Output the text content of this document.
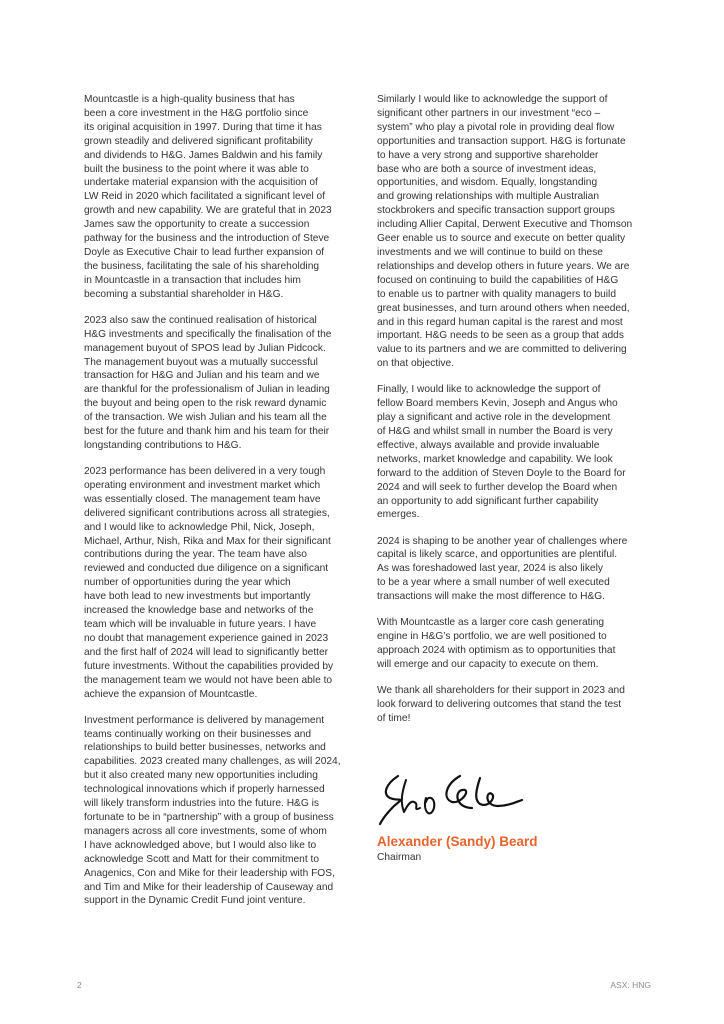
Mountcastle is a high-quality business that has
been a core investment in the H&G portfolio since
its original acquisition in 1997. During that time it has
grown steadily and delivered significant profitability
and dividends to H&G. James Baldwin and his family
built the business to the point where it was able to
undertake material expansion with the acquisition of
LW Reid in 2020 which facilitated a significant level of
growth and new capability. We are grateful that in 2023
James saw the opportunity to create a succession
pathway for the business and the introduction of Steve
Doyle as Executive Chair to lead further expansion of
the business, facilitating the sale of his shareholding
in Mountcastle in a transaction that includes him
becoming a substantial shareholder in H&G.

2023 also saw the continued realisation of historical
H&G investments and specifically the finalisation of the
management buyout of SPOS lead by Julian Pidcock.
The management buyout was a mutually successful
transaction for H&G and Julian and his team and we
are thankful for the professionalism of Julian in leading
the buyout and being open to the risk reward dynamic
of the transaction. We wish Julian and his team all the
best for the future and thank him and his team for their
longstanding contributions to H&G.

2023 performance has been delivered in a very tough
operating environment and investment market which
was essentially closed. The management team have
delivered significant contributions across all strategies,
and I would like to acknowledge Phil, Nick, Joseph,
Michael, Arthur, Nish, Rika and Max for their significant
contributions during the year. The team have also
reviewed and conducted due diligence on a significant
number of opportunities during the year which
have both lead to new investments but importantly
increased the knowledge base and networks of the
team which will be invaluable in future years. I have
no doubt that management experience gained in 2023
and the first half of 2024 will lead to significantly better
future investments. Without the capabilities provided by
the management team we would not have been able to
achieve the expansion of Mountcastle.

Investment performance is delivered by management
teams continually working on their businesses and
relationships to build better businesses, networks and
capabilities. 2023 created many challenges, as will 2024,
but it also created many new opportunities including
technological innovations which if properly harnessed
will likely transform industries into the future. H&G is
fortunate to be in “partnership” with a group of business
managers across all core investments, some of whom
I have acknowledged above, but I would also like to
acknowledge Scott and Matt for their commitment to
Anagenics, Con and Mike for their leadership with FOS,
and Tim and Mike for their leadership of Causeway and
support in the Dynamic Credit Fund joint venture.

Similarly I would like to acknowledge the support of
significant other partners in our investment “eco –
system” who play a pivotal role in providing deal flow
opportunities and transaction support. H&G is fortunate
to have a very strong and supportive shareholder
base who are both a source of investment ideas,
opportunities, and wisdom. Equally, longstanding
and growing relationships with multiple Australian
stockbrokers and specific transaction support groups
including Allier Capital, Derwent Executive and Thomson
Geer enable us to source and execute on better quality
investments and we will continue to build on these
relationships and develop others in future years. We are
focused on continuing to build the capabilities of H&G
to enable us to partner with quality managers to build
great businesses, and turn around others when needed,
and in this regard human capital is the rarest and most
important. H&G needs to be seen as a group that adds
value to its partners and we are committed to delivering
on that objective.

Finally, I would like to acknowledge the support of
fellow Board members Kevin, Joseph and Angus who
play a significant and active role in the development
of H&G and whilst small in number the Board is very
effective, always available and provide invaluable
networks, market knowledge and capability. We look
forward to the addition of Steven Doyle to the Board for
2024 and will seek to further develop the Board when
an opportunity to add significant further capability
emerges.

2024 is shaping to be another year of challenges where
capital is likely scarce, and opportunities are plentiful.
As was foreshadowed last year, 2024 is also likely
to be a year where a small number of well executed
transactions will make the most difference to H&G.

With Mountcastle as a larger core cash generating
engine in H&G’s portfolio, we are well positioned to
approach 2024 with optimism as to opportunities that
will emerge and our capacity to execute on them.

We thank all shareholders for their support in 2023 and
look forward to delivering outcomes that stand the test
of time!

Alexander (Sandy) Beard
Chairman
2	ASX: HNG
